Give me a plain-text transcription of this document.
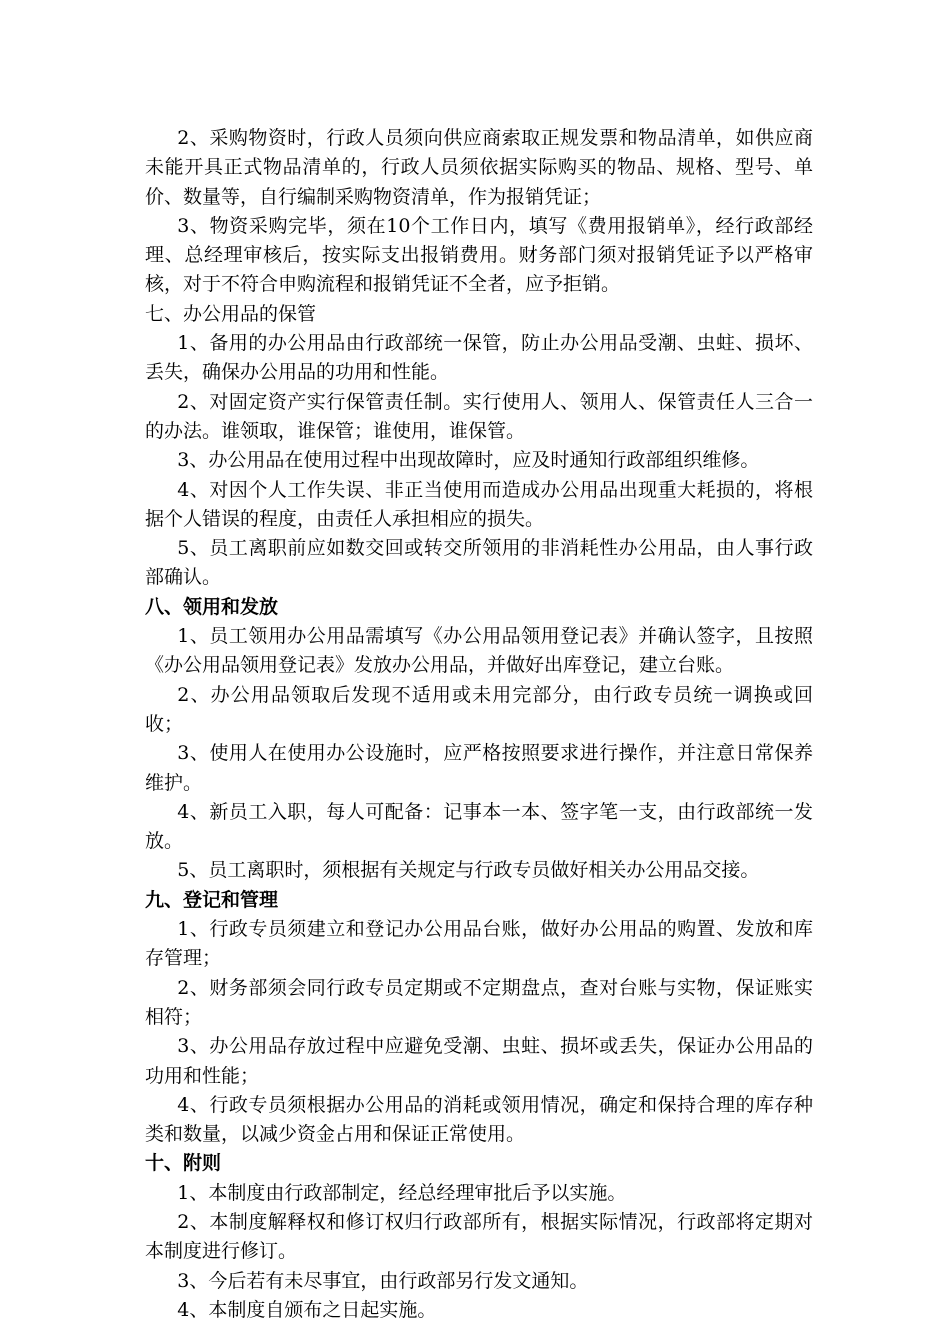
2、采购物资时，行政人员须向供应商索取正规发票和物品清单，如供应商未能开具正式物品清单的，行政人员须依据实际购买的物品、规格、型号、单价、数量等，自行编制采购物资清单，作为报销凭证；

3、物资采购完毕，须在10个工作日内，填写《费用报销单》，经行政部经理、总经理审核后，按实际支出报销费用。财务部门须对报销凭证予以严格审核，对于不符合申购流程和报销凭证不全者，应予拒销。

七、办公用品的保管

1、备用的办公用品由行政部统一保管，防止办公用品受潮、虫蛀、损坏、丢失，确保办公用品的功用和性能。

2、对固定资产实行保管责任制。实行使用人、领用人、保管责任人三合一的办法。谁领取，谁保管；谁使用，谁保管。

3、办公用品在使用过程中出现故障时，应及时通知行政部组织维修。

4、对因个人工作失误、非正当使用而造成办公用品出现重大耗损的，将根据个人错误的程度，由责任人承担相应的损失。

5、员工离职前应如数交回或转交所领用的非消耗性办公用品，由人事行政部确认。

八、领用和发放

1、员工领用办公用品需填写《办公用品领用登记表》并确认签字，且按照《办公用品领用登记表》发放办公用品，并做好出库登记，建立台账。

2、办公用品领取后发现不适用或未用完部分，由行政专员统一调换或回收；

3、使用人在使用办公设施时，应严格按照要求进行操作，并注意日常保养维护。

4、新员工入职，每人可配备：记事本一本、签字笔一支，由行政部统一发放。

5、员工离职时，须根据有关规定与行政专员做好相关办公用品交接。

九、登记和管理

1、行政专员须建立和登记办公用品台账，做好办公用品的购置、发放和库存管理；

2、财务部须会同行政专员定期或不定期盘点，查对台账与实物，保证账实相符；

3、办公用品存放过程中应避免受潮、虫蛀、损坏或丢失，保证办公用品的功用和性能；

4、行政专员须根据办公用品的消耗或领用情况，确定和保持合理的库存种类和数量，以减少资金占用和保证正常使用。

十、附则

1、本制度由行政部制定，经总经理审批后予以实施。

2、本制度解释权和修订权归行政部所有，根据实际情况，行政部将定期对本制度进行修订。

3、今后若有未尽事宜，由行政部另行发文通知。

4、本制度自颁布之日起实施。
